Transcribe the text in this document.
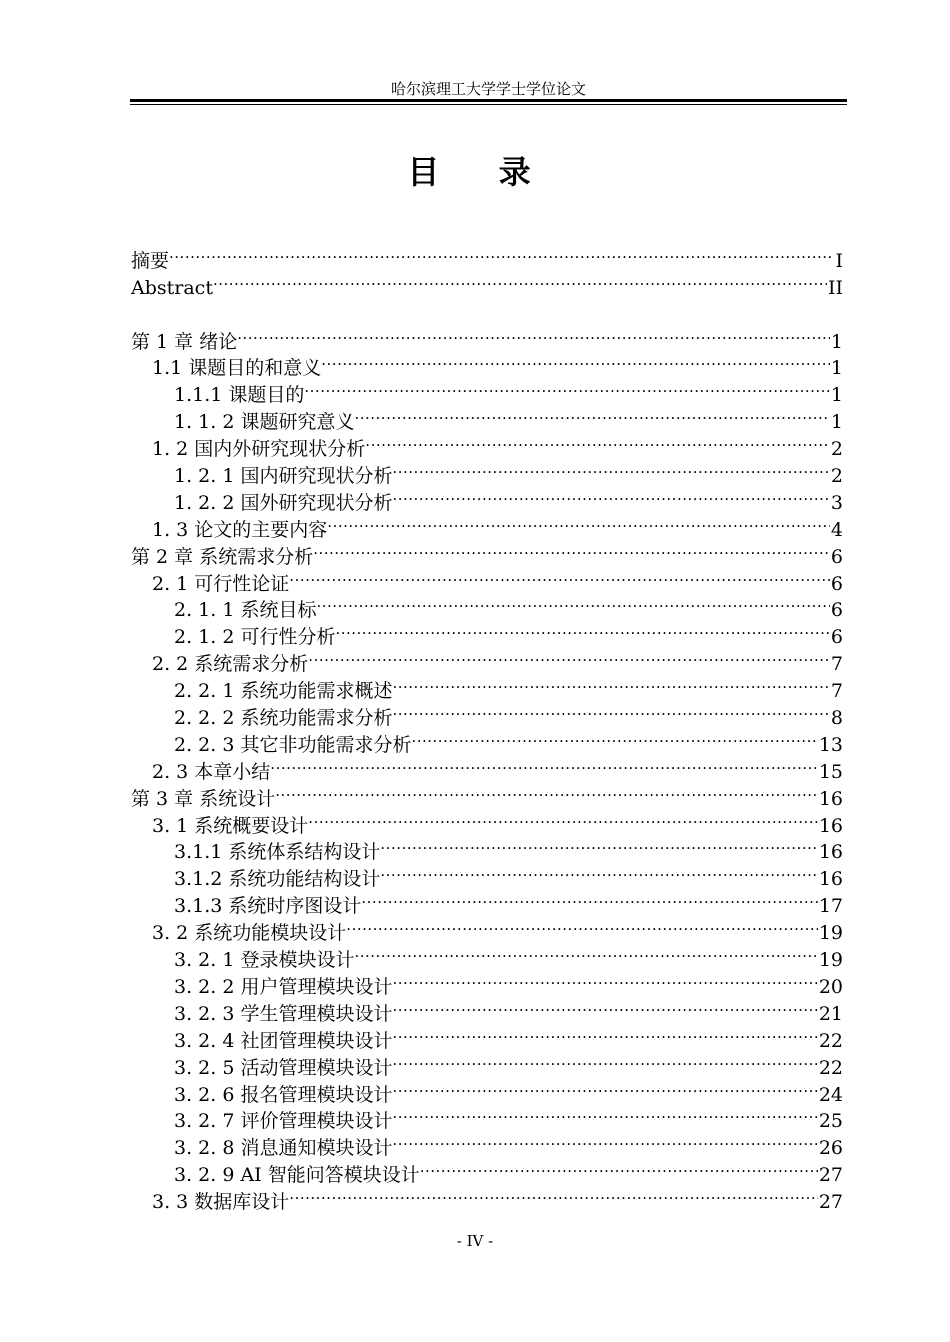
哈尔滨理工大学学士学位论文
目 录
摘要 .....	I
Abstract .....	II
第 1 章 绪论 .....	1
1.1 课题目的和意义 .....	1
1.1.1 课题目的 .....	1
1. 1. 2 课题研究意义 .....	1
1. 2 国内外研究现状分析 .....	2
1. 2. 1 国内研究现状分析 .....	2
1. 2. 2 国外研究现状分析 .....	3
1. 3 论文的主要内容 .....	4
第 2 章 系统需求分析 .....	6
2. 1 可行性论证 .....	6
2. 1. 1 系统目标 .....	6
2. 1. 2 可行性分析 .....	6
2. 2 系统需求分析 .....	7
2. 2. 1 系统功能需求概述 .....	7
2. 2. 2 系统功能需求分析 .....	8
2. 2. 3 其它非功能需求分析 .....	13
2. 3 本章小结 .....	15
第 3 章 系统设计 .....	16
3. 1 系统概要设计 .....	16
3.1.1 系统体系结构设计 .....	16
3.1.2 系统功能结构设计 .....	16
3.1.3 系统时序图设计 .....	17
3. 2 系统功能模块设计 .....	19
3. 2. 1 登录模块设计 .....	19
3. 2. 2 用户管理模块设计 .....	20
3. 2. 3 学生管理模块设计 .....	21
3. 2. 4 社团管理模块设计 .....	22
3. 2. 5 活动管理模块设计 .....	22
3. 2. 6 报名管理模块设计 .....	24
3. 2. 7 评价管理模块设计 .....	25
3. 2. 8 消息通知模块设计 .....	26
3. 2. 9 AI 智能问答模块设计 .....	27
3. 3 数据库设计 .....	27
- IV -
